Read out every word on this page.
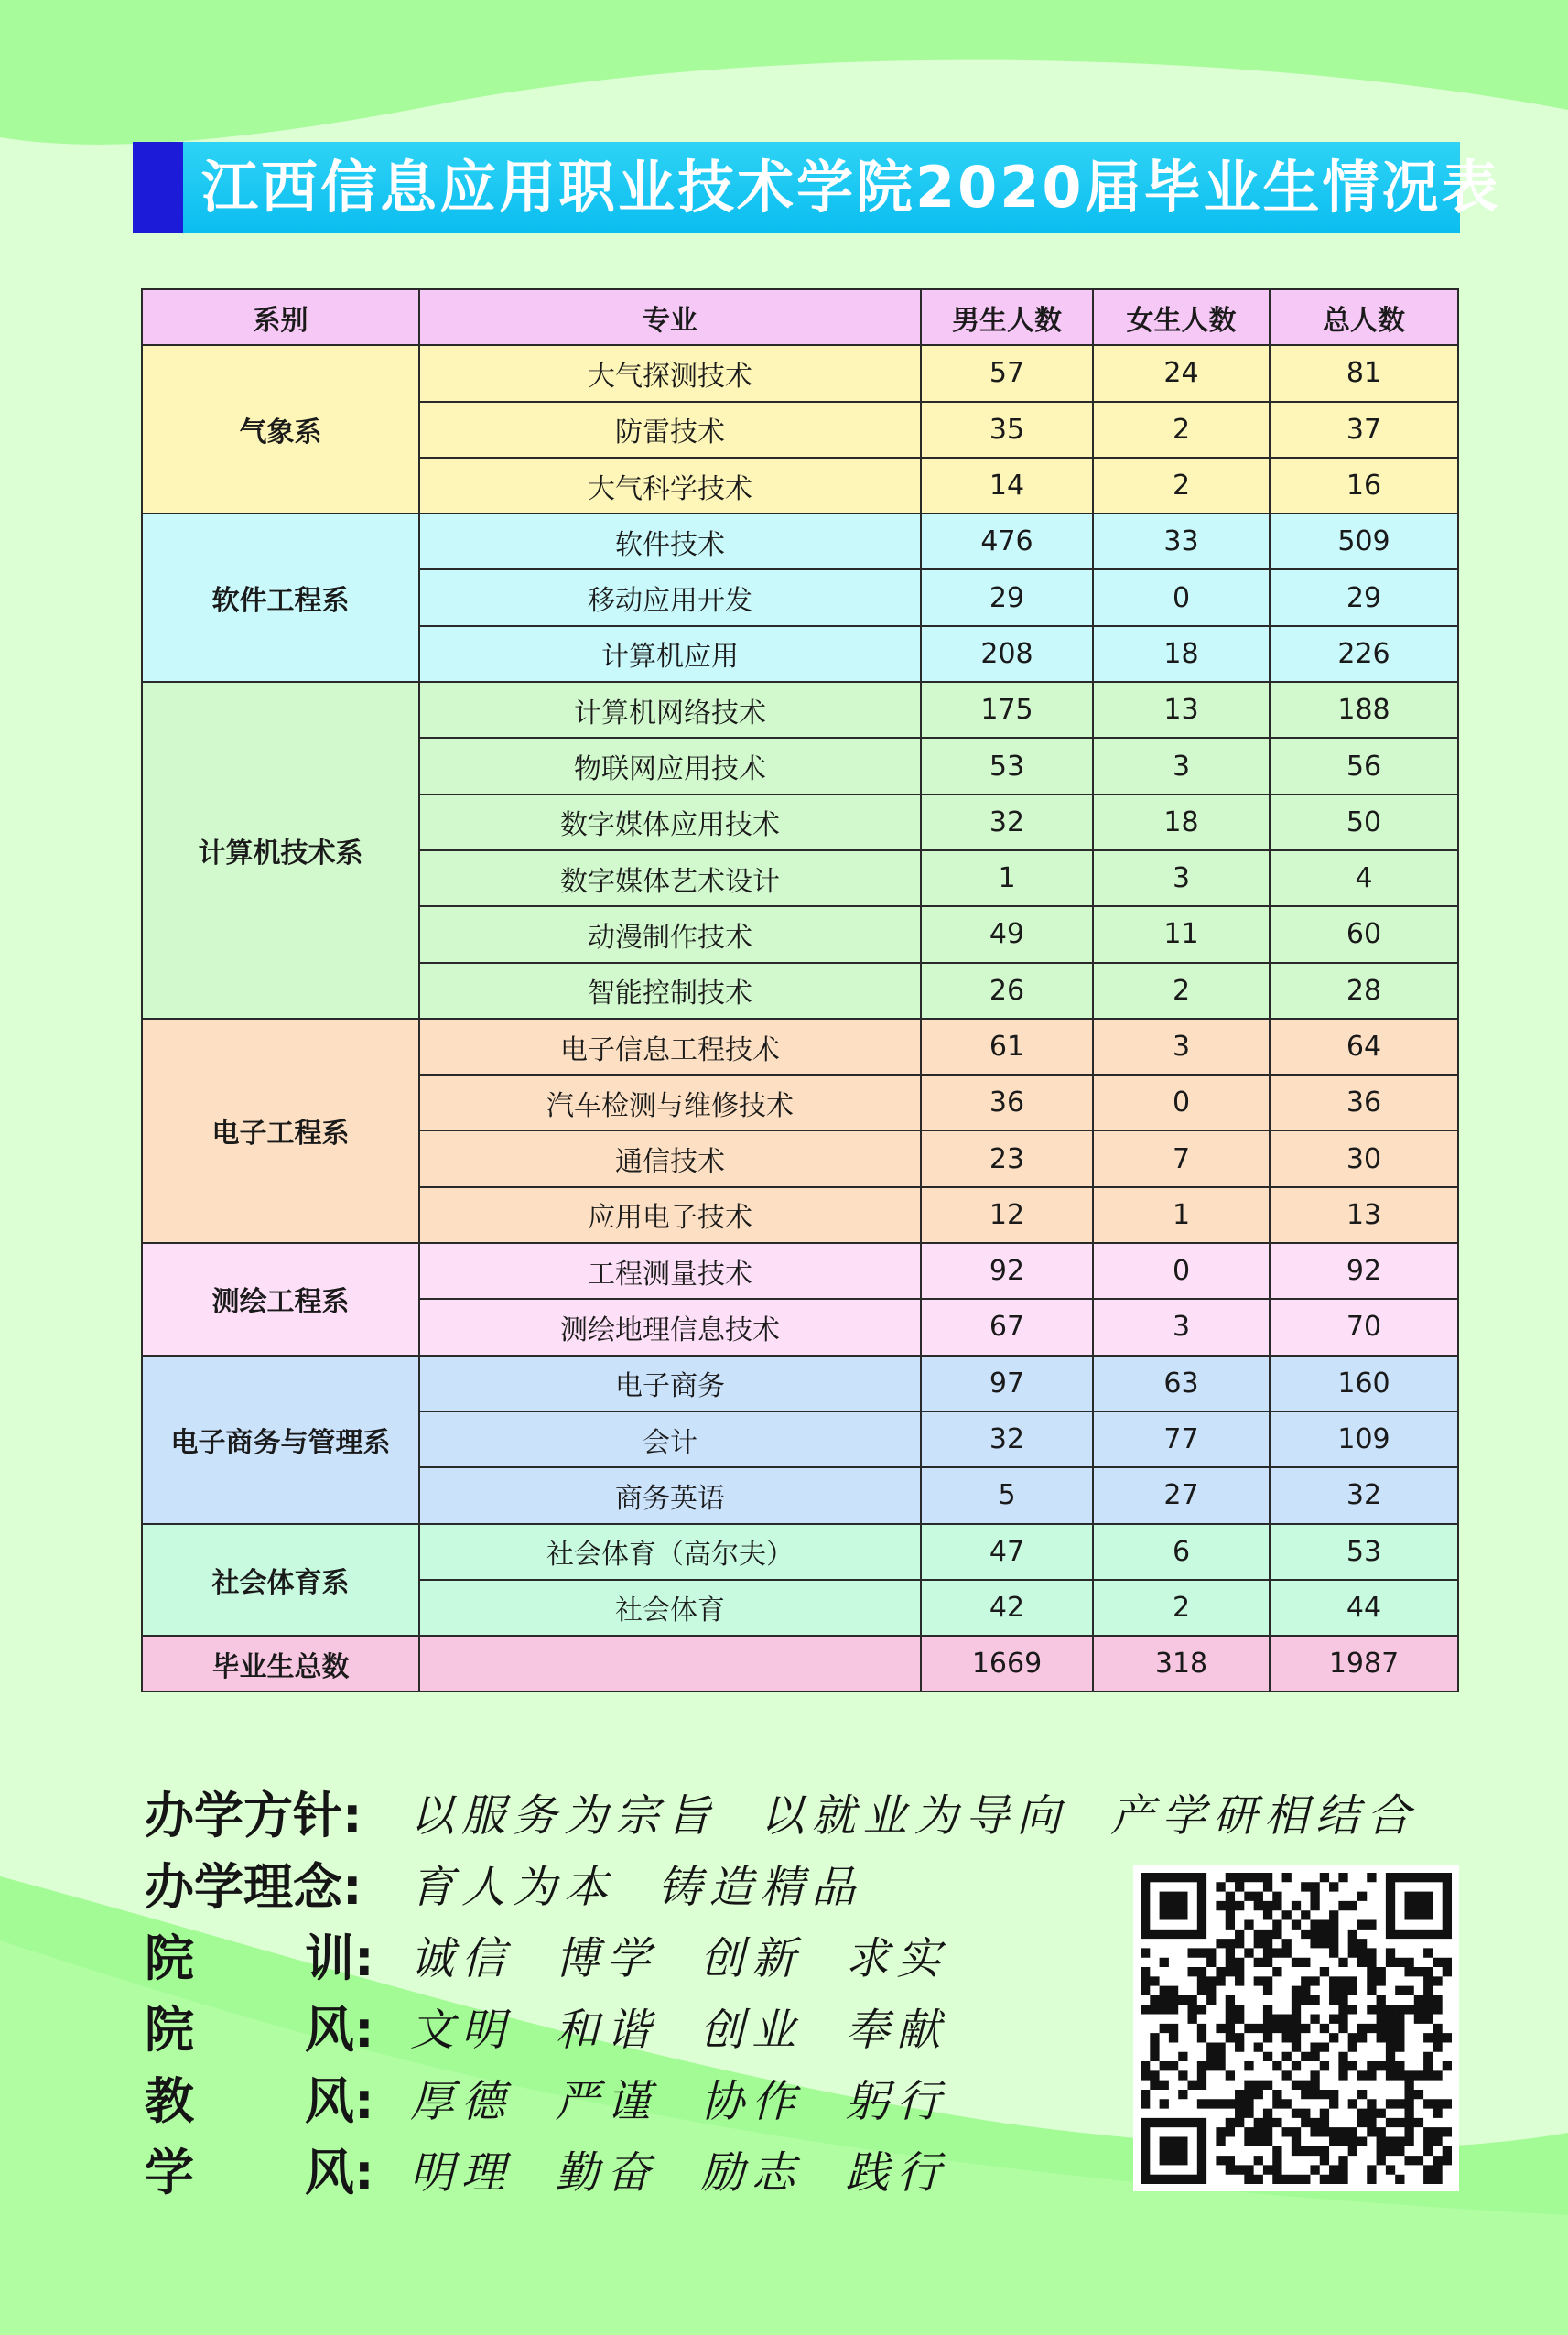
江西信息应用职业技术学院2020届毕业生情况表
系别	专业	男生人数	女生人数	总人数
气象系	大气探测技术	57	24	81
	防雷技术	35	2	37
	大气科学技术	14	2	16
软件工程系	软件技术	476	33	509
	移动应用开发	29	0	29
	计算机应用	208	18	226
计算机技术系	计算机网络技术	175	13	188
	物联网应用技术	53	3	56
	数字媒体应用技术	32	18	50
	数字媒体艺术设计	1	3	4
	动漫制作技术	49	11	60
	智能控制技术	26	2	28
电子工程系	电子信息工程技术	61	3	64
	汽车检测与维修技术	36	0	36
	通信技术	23	7	30
	应用电子技术	12	1	13
测绘工程系	工程测量技术	92	0	92
	测绘地理信息技术	67	3	70
电子商务与管理系	电子商务	97	63	160
	会计	32	77	109
	商务英语	5	27	32
社会体育系	社会体育（高尔夫）	47	6	53
	社会体育	42	2	44
毕业生总数		1669	318	1987
办学方针:	以服务为宗旨  以就业为导向  产学研相结合
办学理念:	育人为本  铸造精品
院 训: 诚信  博学  创新  求实
院 风: 文明  和谐  创业  奉献
教 风: 厚德  严谨  协作  躬行
学 风: 明理  勤奋  励志  践行
